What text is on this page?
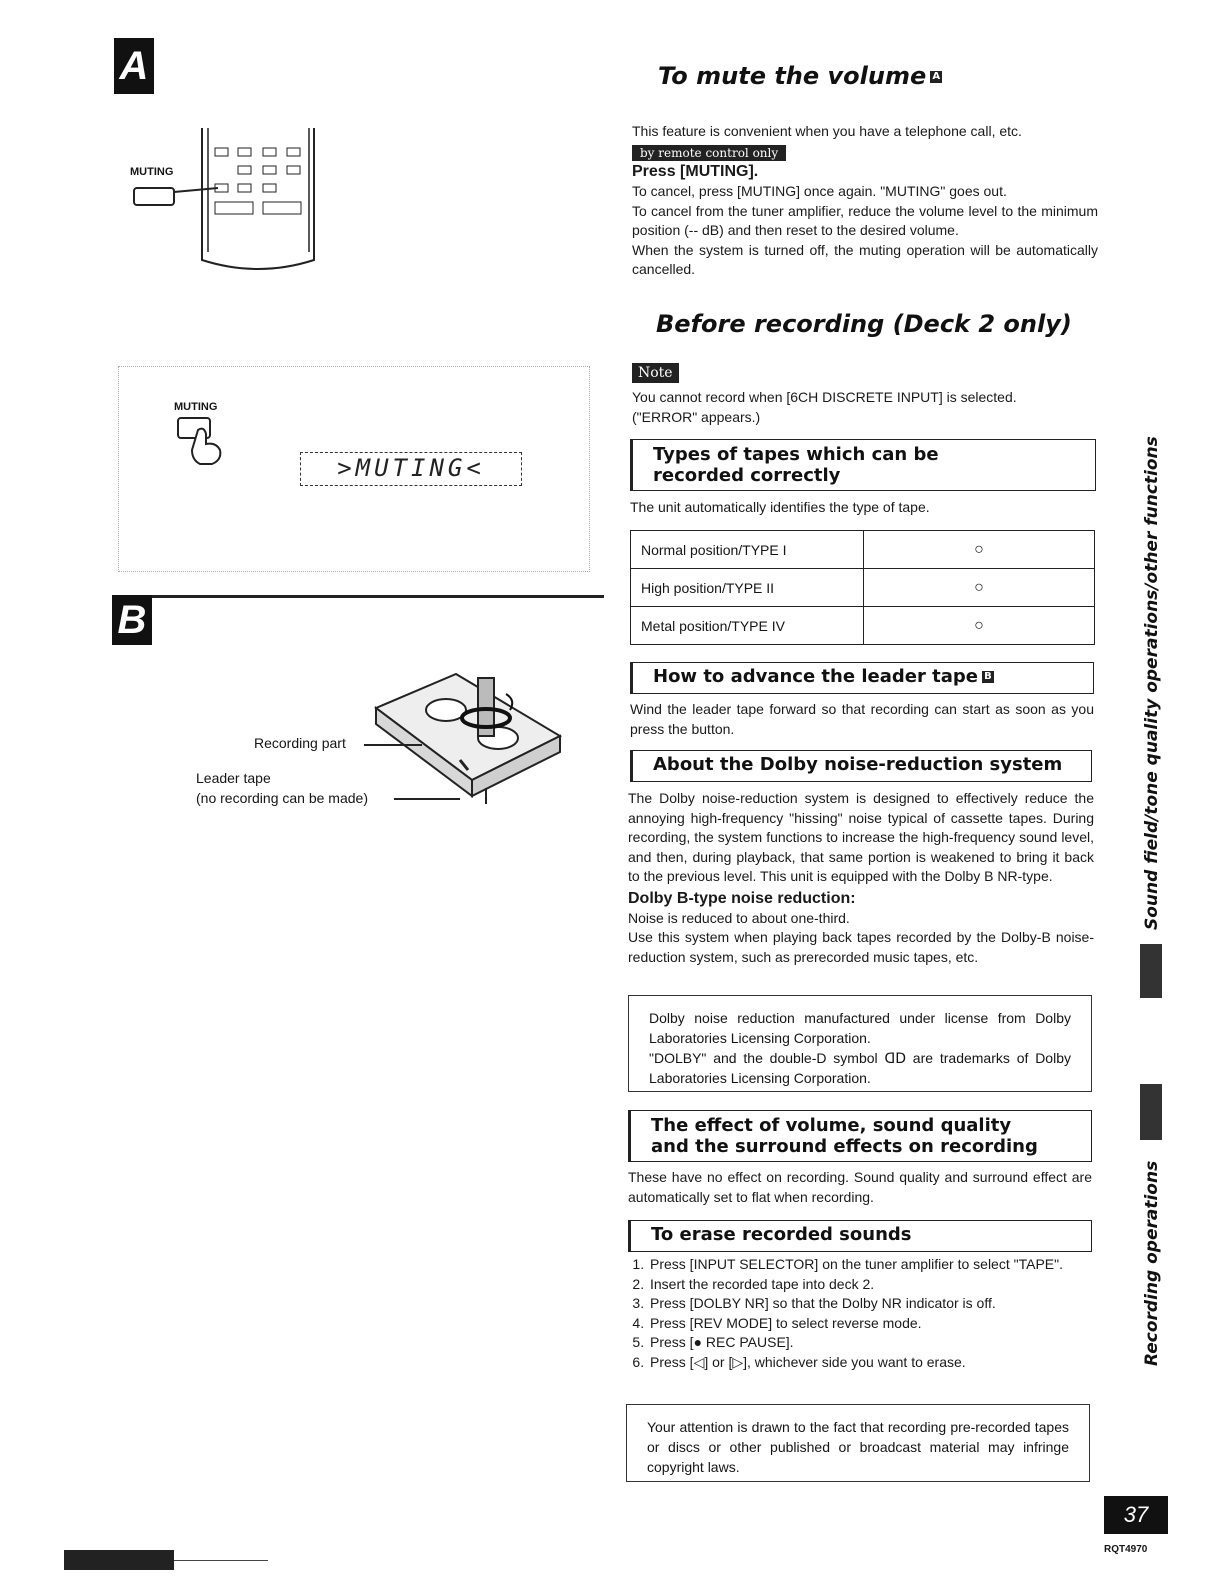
A
MUTING
MUTING
>MUTING<
B
Recording part
Leader tape
(no recording can be made)
To mute the volume A

This feature is convenient when you have a telephone call, etc.

by remote control only

Press [MUTING].

To cancel, press [MUTING] once again. "MUTING" goes out.

To cancel from the tuner amplifier, reduce the volume level to the minimum position (-- dB) and then reset to the desired volume.

When the system is turned off, the muting operation will be automatically cancelled.

Before recording (Deck 2 only)
Note
You cannot record when [6CH DISCRETE INPUT] is selected. ("ERROR" appears.)
Types of tapes which can be recorded correctly
The unit automatically identifies the type of tape.
Normal position/TYPE I	○
High position/TYPE II	○
Metal position/TYPE IV	○
How to advance the leader tape B
Wind the leader tape forward so that recording can start as soon as you press the button.
About the Dolby noise-reduction system

The Dolby noise-reduction system is designed to effectively reduce the annoying high-frequency "hissing" noise typical of cassette tapes. During recording, the system functions to increase the high-frequency sound level, and then, during playback, that same portion is weakened to bring it back to the previous level. This unit is equipped with the Dolby B NR-type.

Dolby B-type noise reduction:

Noise is reduced to about one-third.

Use this system when playing back tapes recorded by the Dolby-B noise-reduction system, such as prerecorded music tapes, etc.

Dolby noise reduction manufactured under license from Dolby Laboratories Licensing Corporation.

"DOLBY" and the double-D symbol ᗡᗞ are trademarks of Dolby Laboratories Licensing Corporation.

The effect of volume, sound quality and the surround effects on recording
These have no effect on recording. Sound quality and surround effect are automatically set to flat when recording.
To erase recorded sounds
1. Press [INPUT SELECTOR] on the tuner amplifier to select "TAPE".
2. Insert the recorded tape into deck 2.
3. Press [DOLBY NR] so that the Dolby NR indicator is off.
4. Press [REV MODE] to select reverse mode.
5. Press [● REC PAUSE].
6. Press [◁] or [▷], whichever side you want to erase.
Your attention is drawn to the fact that recording pre-recorded tapes or discs or other published or broadcast material may infringe copyright laws.
Sound field/tone quality operations/other functions
Recording operations
37
RQT4970
